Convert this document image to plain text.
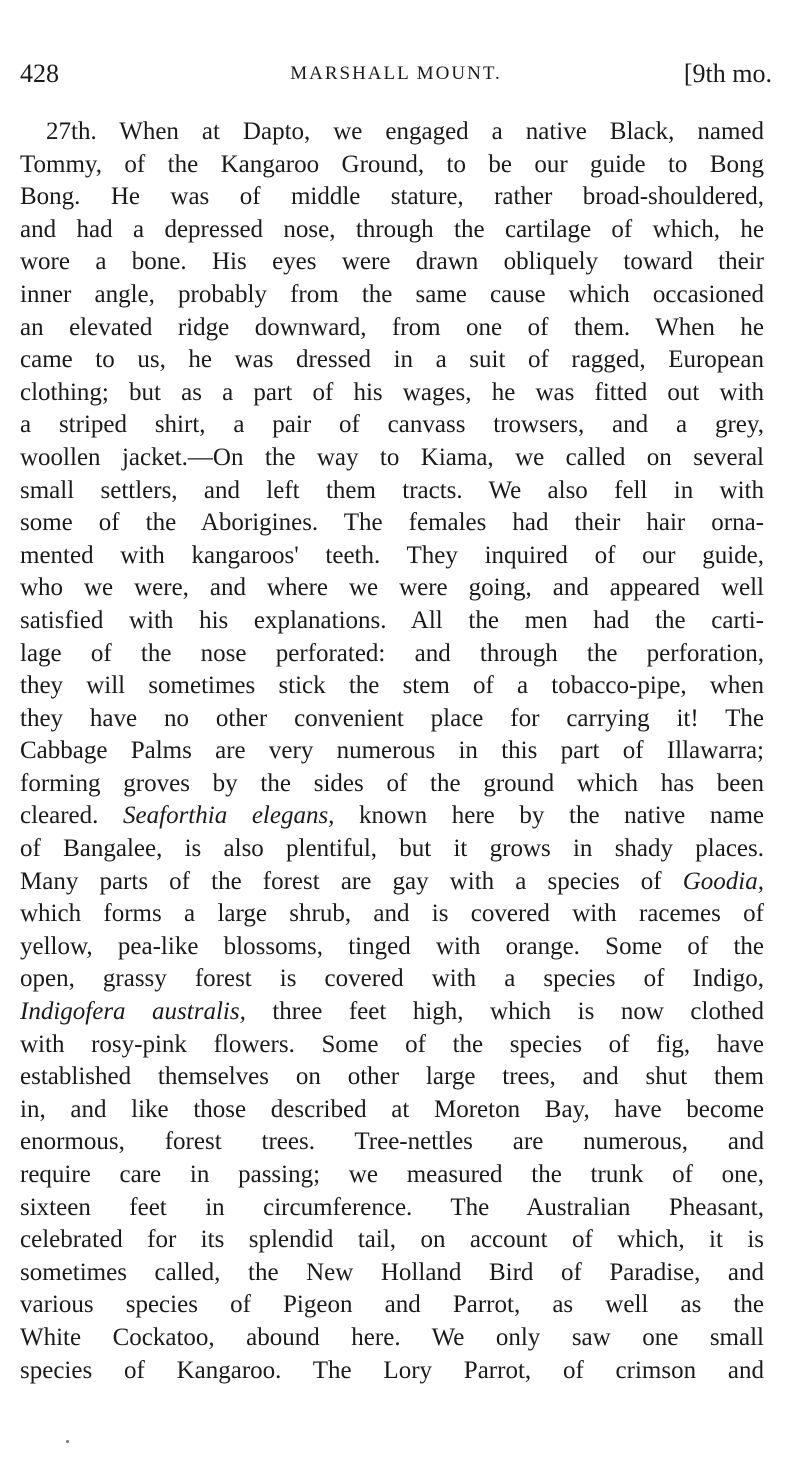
428	MARSHALL MOUNT.	[9th mo.
27th. When at Dapto, we engaged a native Black, named
Tommy, of the Kangaroo Ground, to be our guide to Bong
Bong. He was of middle stature, rather broad-shouldered,
and had a depressed nose, through the cartilage of which, he
wore a bone. His eyes were drawn obliquely toward their
inner angle, probably from the same cause which occasioned
an elevated ridge downward, from one of them. When he
came to us, he was dressed in a suit of ragged, European
clothing; but as a part of his wages, he was fitted out with
a striped shirt, a pair of canvass trowsers, and a grey,
woollen jacket.—On the way to Kiama, we called on several
small settlers, and left them tracts. We also fell in with
some of the Aborigines. The females had their hair orna-
mented with kangaroos' teeth. They inquired of our guide,
who we were, and where we were going, and appeared well
satisfied with his explanations. All the men had the carti-
lage of the nose perforated: and through the perforation,
they will sometimes stick the stem of a tobacco-pipe, when
they have no other convenient place for carrying it! The
Cabbage Palms are very numerous in this part of Illawarra;
forming groves by the sides of the ground which has been
cleared. Seaforthia elegans, known here by the native name
of Bangalee, is also plentiful, but it grows in shady places.
Many parts of the forest are gay with a species of Goodia,
which forms a large shrub, and is covered with racemes of
yellow, pea-like blossoms, tinged with orange. Some of the
open, grassy forest is covered with a species of Indigo,
Indigofera australis, three feet high, which is now clothed
with rosy-pink flowers. Some of the species of fig, have
established themselves on other large trees, and shut them
in, and like those described at Moreton Bay, have become
enormous, forest trees. Tree-nettles are numerous, and
require care in passing; we measured the trunk of one,
sixteen feet in circumference. The Australian Pheasant,
celebrated for its splendid tail, on account of which, it is
sometimes called, the New Holland Bird of Paradise, and
various species of Pigeon and Parrot, as well as the
White Cockatoo, abound here. We only saw one small
species of Kangaroo. The Lory Parrot, of crimson and
